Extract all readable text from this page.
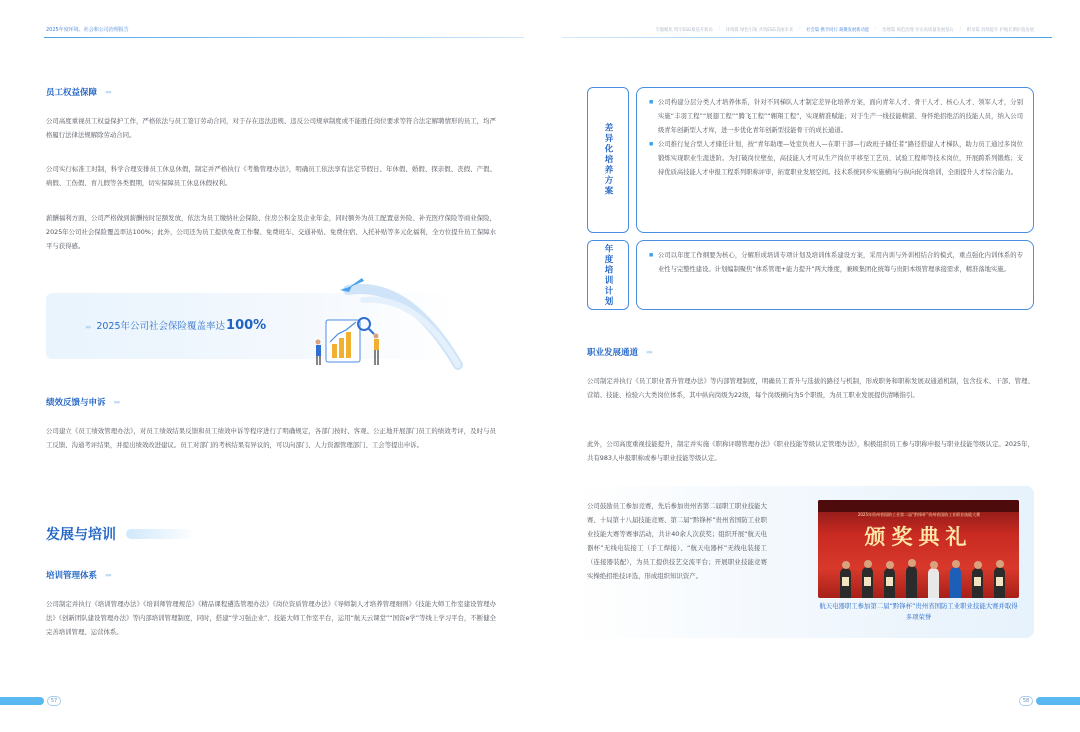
2025年度环境、社会和公司治理报告
员工权益保障 »»
公司高度重视员工权益保护工作，严格依法与员工签订劳动合同，对于存在违法违规、违反公司规章制度或不能胜任岗位要求等符合法定解聘情形的员工，均严格履行法律法规解除劳动合同。
公司实行标准工时制，科学合理安排员工休息休假，制定并严格执行《考勤管理办法》，明确员工依法享有法定节假日、年休假、婚假、探亲假、丧假、产假、病假、工伤假、育儿假等各类假期，切实保障员工休息休假权利。
薪酬福利方面，公司严格做到薪酬按时足额发放，依法为员工缴纳社会保险、住房公积金及企业年金，同时额外为员工配置意外险、补充医疗保险等商业保险，2025年公司社会保险覆盖率达100%；此外，公司还为员工提供免费工作餐、免费班车、交通补贴、免费住宿、入托补贴等多元化福利，全方位提升员工保障水平与获得感。
»» 2025年公司社会保险覆盖率达 100%
绩效反馈与申诉 »»
公司建立《员工绩效管理办法》，对员工绩效结果反馈和员工绩效申诉等程序进行了明确规定，各部门按时、客观、公正地开展部门员工的绩效考评，及时与员工反馈、沟通考评结果，并提出绩效改进建议。员工对部门的考核结果有异议的，可以向部门、人力资源管理部门、工会等提出申诉。
发展与培训
培训管理体系 »»
公司制定并执行《培训管理办法》《培训师管理规范》《精品课程遴选管理办法》《岗位资质管理办法》《导师制人才培养管理细则》《技能大师工作室建设管理办法》《创新团队建设管理办法》等内部培训管理制度，同时，搭建“学习强企业”、技能大师工作室平台，运用“航天云课堂”“国资e学”等线上学习平台，不断健全完善培训管理、运营体系。
57
专题聚焦 筑牢ESG根基开新局 ⫶ 环境篇 绿色引领 共筑ESG美丽未来 ⫶ 社会篇 携手同行 凝聚发展新动能 ⫶ 治理篇 规范治理 夯实高质量发展基石 ⫶ 附录篇 持续提升 护航长期价值发展
差异化培养方案
■ 公司构建分层分类人才培养体系，针对不同梯队人才制定差异化培养方案，面向青年人才、骨干人才、核心人才、领军人才，分别实施“丰羽工程”“展翅工程”“腾飞工程”“翱翔工程”，实现精准赋能；对于生产一线技能精湛、身怀绝招绝活的技能人员，纳入公司级青年创新型人才库，进一步优化青年创新型技能骨干的成长通道。
■ 公司推行复合型人才储任计划，按“青年助理—处室负责人—在职干部—行政班子储任者”路径搭建人才梯队，助力员工通过多岗位锻炼实现职业生涯进阶。为打破岗位壁垒，高技能人才可从生产岗位平移至工艺员、试验工程师等技术岗位，开展跨系列锻炼；支持优质高技能人才申报工程系列职称评审，拓宽职业发展空间。技术系统同步实施横向与纵向轮岗培训，全面提升人才综合能力。
年度培训计划
■	公司以年度工作纲要为核心，分解形成培训专项计划及培训体系建设方案，采用内训与外训相结合的模式，重点强化内训体系的专业性与完整性建设。计划编制聚焦“体系管理+能力提升”两大维度，兼顾集团化统筹与贵阳本级管理承接需求，精准落地实施。
职业发展通道 »»
公司制定并执行《员工职业晋升管理办法》等内部管理制度，明确员工晋升与选拔的路径与机制，形成职务和职称发展双通道机制，包含技术、干部、管理、营销、技能、检验六大类岗位体系，其中纵向岗级为22级，每个岗级横向为5个职级，为员工职业发展提供清晰指引。
此外，公司高度重视技能提升，制定并实施《职称评聘管理办法》《职业技能等级认定管理办法》，积极组织员工参与职称申报与职业技能等级认定。2025年，共有983人申报职称或参与职业技能等级认定。
公司鼓励员工参加竞赛，先后参加贵州省第二届职工职业技能大赛、十局第十八届技能竞赛、第二届“黔锋杯”贵州省国防工业职业技能大赛等赛事活动，共计40余人次获奖；组织开展“航天电器杯”无线电装接工（手工焊接）、“航天电器杯”无线电装接工（连接器装配），为员工提供技艺交流平台；开展职业技能竞赛实操绝招绝技评选，形成组织知识资产。
2025年贵州省国防工业第二届“黔锋杯”贵州省国防工业职业技能大赛
颁奖典礼
航天电器职工参加第二届“黔锋杯”贵州省国防工业职业技能大赛并取得多项荣誉
58
